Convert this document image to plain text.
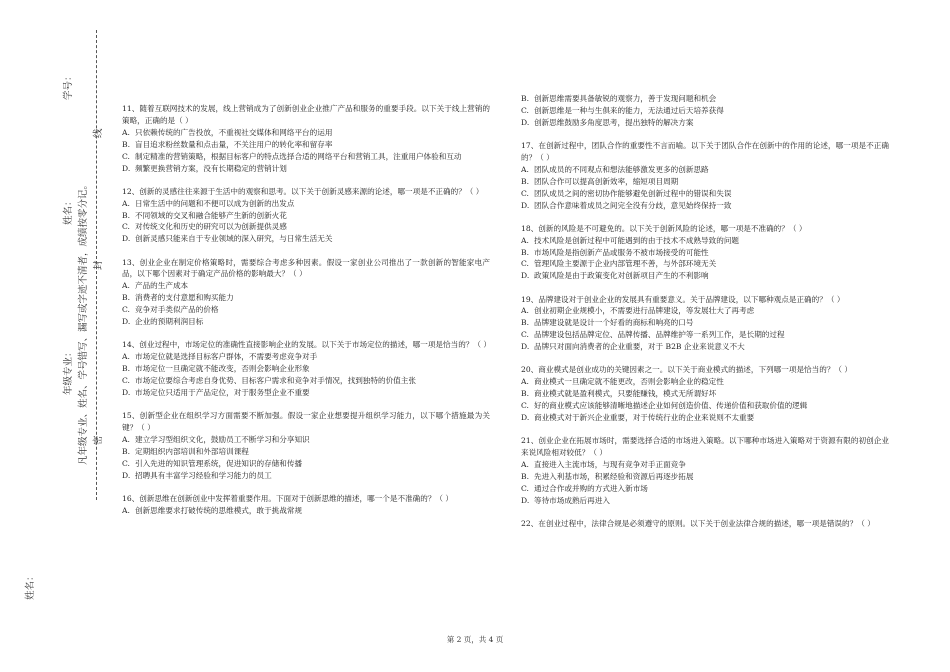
姓名：
年级专业： 凡年级专业、姓名、学号错写、漏写或字迹不清者，成绩按零分记。
姓名：
学号：
密
封
线
11、随着互联网技术的发展，线上营销成为了创新创业企业推广产品和服务的重要手段。以下关于线上营销的策略，正确的是（ ）
A. 只依赖传统的广告投放，不重视社交媒体和网络平台的运用
B. 盲目追求粉丝数量和点击量，不关注用户的转化率和留存率
C. 制定精准的营销策略，根据目标客户的特点选择合适的网络平台和营销工具，注重用户体验和互动
D. 频繁更换营销方案，没有长期稳定的营销计划
12、创新的灵感往往来源于生活中的观察和思考。以下关于创新灵感来源的论述，哪一项是不正确的？（ ）
A. 日常生活中的问题和不便可以成为创新的出发点
B. 不同领域的交叉和融合能够产生新的创新火花
C. 对传统文化和历史的研究可以为创新提供灵感
D. 创新灵感只能来自于专业领域的深入研究，与日常生活无关
13、创业企业在制定价格策略时，需要综合考虑多种因素。假设一家创业公司推出了一款创新的智能家电产品，以下哪个因素对于确定产品价格的影响最大？（ ）
A. 产品的生产成本
B. 消费者的支付意愿和购买能力
C. 竞争对手类似产品的价格
D. 企业的预期利润目标
14、创业过程中，市场定位的准确性直接影响企业的发展。以下关于市场定位的描述，哪一项是恰当的？（ ）
A. 市场定位就是选择目标客户群体，不需要考虑竞争对手
B. 市场定位一旦确定就不能改变，否则会影响企业形象
C. 市场定位要综合考虑自身优势、目标客户需求和竞争对手情况，找到独特的价值主张
D. 市场定位只适用于产品定位，对于服务型企业不重要
15、创新型企业在组织学习方面需要不断加强。假设一家企业想要提升组织学习能力，以下哪个措施最为关键？（ ）
A. 建立学习型组织文化，鼓励员工不断学习和分享知识
B. 定期组织内部培训和外部培训课程
C. 引入先进的知识管理系统，促进知识的存储和传播
D. 招聘具有丰富学习经验和学习能力的员工
16、创新思维在创新创业中发挥着重要作用。下面对于创新思维的描述，哪一个是不准确的？（ ）
A. 创新思维要求打破传统的思维模式，敢于挑战常规
B. 创新思维需要具备敏锐的观察力，善于发现问题和机会
C. 创新思维是一种与生俱来的能力，无法通过后天培养获得
D. 创新思维鼓励多角度思考，提出独特的解决方案
17、在创新过程中，团队合作的重要性不言而喻。以下关于团队合作在创新中的作用的论述，哪一项是不正确的？（ ）
A. 团队成员的不同观点和想法能够激发更多的创新思路
B. 团队合作可以提高创新效率，缩短项目周期
C. 团队成员之间的密切协作能够避免创新过程中的错误和失误
D. 团队合作意味着成员之间完全没有分歧，意见始终保持一致
18、创新的风险是不可避免的。以下关于创新风险的论述，哪一项是不准确的？（ ）
A. 技术风险是创新过程中可能遇到的由于技术不成熟导致的问题
B. 市场风险是指创新产品或服务不被市场接受的可能性
C. 管理风险主要源于企业内部管理不善，与外部环境无关
D. 政策风险是由于政策变化对创新项目产生的不利影响
19、品牌建设对于创业企业的发展具有重要意义。关于品牌建设，以下哪种观点是正确的？（ ）
A. 创业初期企业规模小，不需要进行品牌建设，等发展壮大了再考虑
B. 品牌建设就是设计一个好看的商标和响亮的口号
C. 品牌建设包括品牌定位、品牌传播、品牌维护等一系列工作，是长期的过程
D. 品牌只对面向消费者的企业重要，对于 B2B 企业来说意义不大
20、商业模式是创业成功的关键因素之一。以下关于商业模式的描述，下列哪一项是恰当的？（ ）
A. 商业模式一旦确定就不能更改，否则会影响企业的稳定性
B. 商业模式就是盈利模式，只要能赚钱，模式无所谓好坏
C. 好的商业模式应该能够清晰地描述企业如何创造价值、传递价值和获取价值的逻辑
D. 商业模式对于新兴企业重要，对于传统行业的企业来说则不太重要
21、创业企业在拓展市场时，需要选择合适的市场进入策略。以下哪种市场进入策略对于资源有限的初创企业来说风险相对较低？（ ）
A. 直接进入主流市场，与现有竞争对手正面竞争
B. 先进入利基市场，积累经验和资源后再逐步拓展
C. 通过合作或并购的方式进入新市场
D. 等待市场成熟后再进入
22、在创业过程中，法律合规是必须遵守的原则。以下关于创业法律合规的描述，哪一项是错误的？（ ）
第 2 页，共 4 页
